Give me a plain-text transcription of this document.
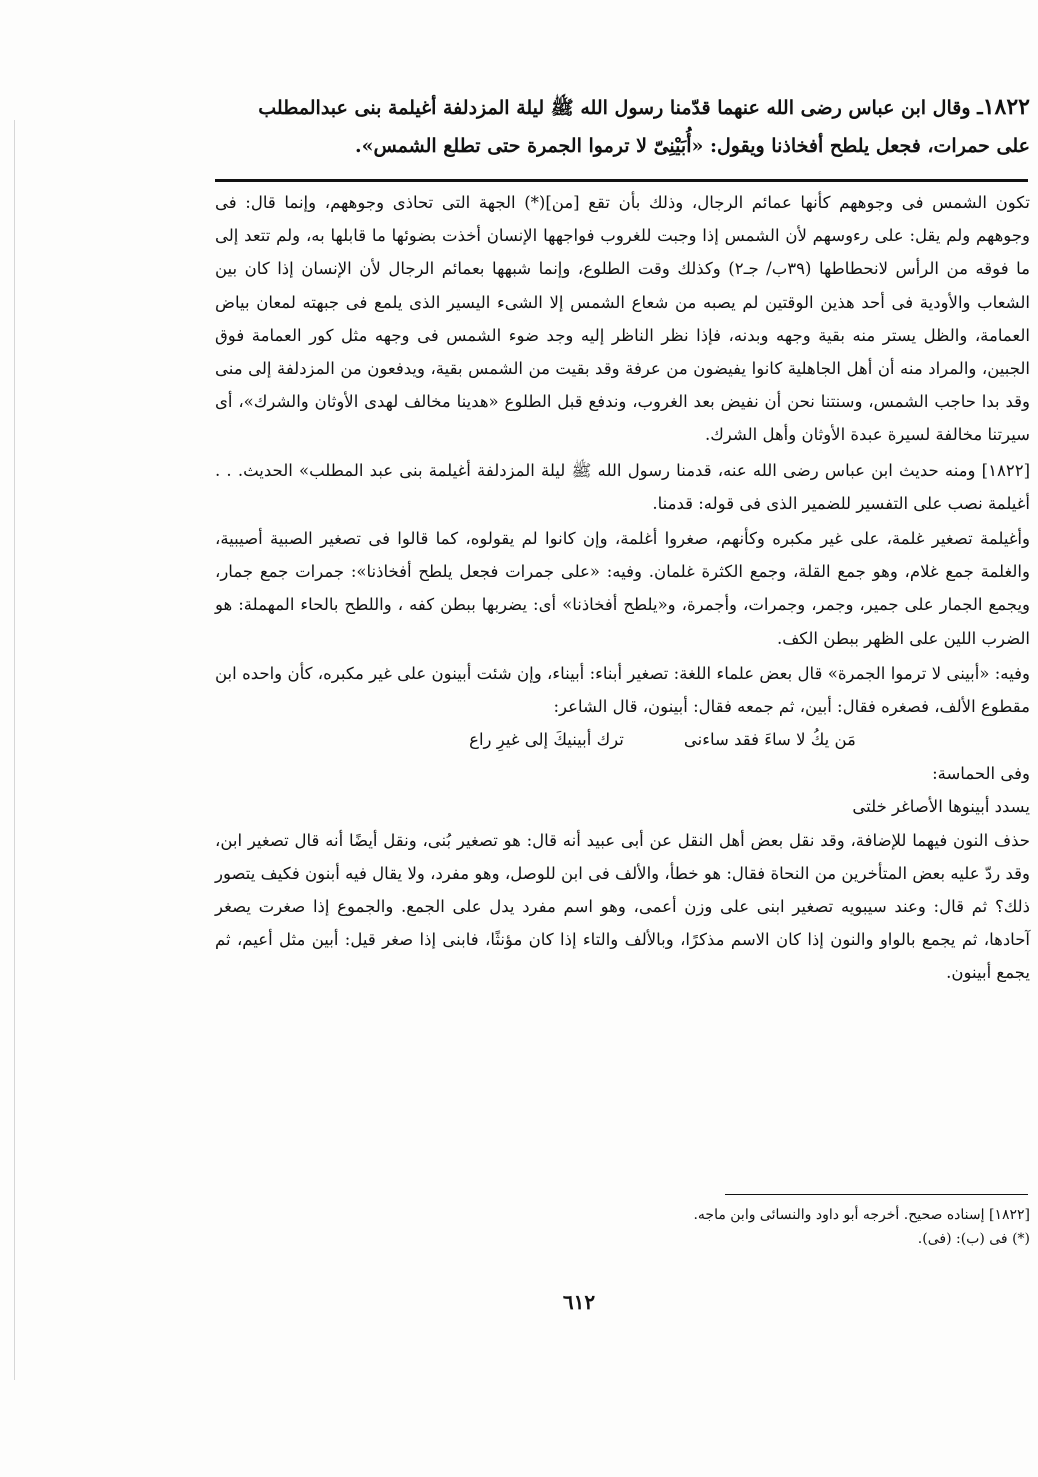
١٨٢٢ـ وقال ابن عباس رضى الله عنهما قدّمنا رسول الله ﷺ ليلة المزدلفة أغيلمة بنى عبدالمطلب

على حمرات، فجعل يلطح أفخاذنا ويقول: «أُبَيْنِىّ لا ترموا الجمرة حتى تطلع الشمس».

تكون الشمس فى وجوههم كأنها عمائم الرجال، وذلك بأن تقع [من](*) الجهة التى تحاذى وجوههم، وإنما قال: فى وجوههم ولم يقل: على رءوسهم لأن الشمس إذا وجبت للغروب فواجهها الإنسان أخذت بضوئها ما قابلها به، ولم تتعد إلى ما فوقه من الرأس لانحطاطها (٣٩ب/ جـ٢) وكذلك وقت الطلوع، وإنما شبهها بعمائم الرجال لأن الإنسان إذا كان بين الشعاب والأودية فى أحد هذين الوقتين لم يصبه من شعاع الشمس إلا الشىء اليسير الذى يلمع فى جبهته لمعان بياض العمامة، والظل يستر منه بقية وجهه وبدنه، فإذا نظر الناظر إليه وجد ضوء الشمس فى وجهه مثل كور العمامة فوق الجبين، والمراد منه أن أهل الجاهلية كانوا يفيضون من عرفة وقد بقيت من الشمس بقية، ويدفعون من المزدلفة إلى منى وقد بدا حاجب الشمس، وسنتنا نحن أن نفيض بعد الغروب، وندفع قبل الطلوع «هدينا مخالف لهدى الأوثان والشرك»، أى سيرتنا مخالفة لسيرة عبدة الأوثان وأهل الشرك.

[١٨٢٢] ومنه حديث ابن عباس رضى الله عنه، قدمنا رسول الله ﷺ ليلة المزدلفة أغيلمة بنى عبد المطلب» الحديث. . . أغيلمة نصب على التفسير للضمير الذى فى قوله: قدمنا.

وأغيلمة تصغير غلمة، على غير مكبره وكأنهم، صغروا أغلمة، وإن كانوا لم يقولوه، كما قالوا فى تصغير الصبية أصيبية، والغلمة جمع غلام، وهو جمع القلة، وجمع الكثرة غلمان. وفيه: «على جمرات فجعل يلطح أفخاذنا»: جمرات جمع جمار، ويجمع الجمار على جمير، وجمر، وجمرات، وأجمرة، و«يلطح أفخاذنا» أى: يضربها ببطن كفه ، واللطح بالحاء المهملة: هو الضرب اللين على الظهر ببطن الكف.

وفيه: «أبينى لا ترموا الجمرة» قال بعض علماء اللغة: تصغير أبناء: أبيناء، وإن شئت أبينون على غير مكبره، كأن واحده ابن مقطوع الألف، فصغره فقال: أبين، ثم جمعه فقال: أبينون، قال الشاعر:

مَن يكُ لا ساءَ فقد ساءنى
ترك أبينيكَ إلى غيرِ راع

وفى الحماسة:

يسدد أبينوها الأصاغر خلتى

حذف النون فيهما للإضافة، وقد نقل بعض أهل النقل عن أبى عبيد أنه قال: هو تصغير بُنى، ونقل أيضًا أنه قال تصغير ابن، وقد ردّ عليه بعض المتأخرين من النحاة فقال: هو خطأ، والألف فى ابن للوصل، وهو مفرد، ولا يقال فيه أبنون فكيف يتصور ذلك؟ ثم قال: وعند سيبويه تصغير ابنى على وزن أعمى، وهو اسم مفرد يدل على الجمع. والجموع إذا صغرت يصغر آحادها، ثم يجمع بالواو والنون إذا كان الاسم مذكرًا، وبالألف والتاء إذا كان مؤنثًا، فابنى إذا صغر قيل: أبين مثل أعيم، ثم يجمع أبينون.

[١٨٢٢] إسناده صحيح. أخرجه أبو داود والنسائى وابن ماجه.

(*) فى (ب): (فى).

٦١٢
